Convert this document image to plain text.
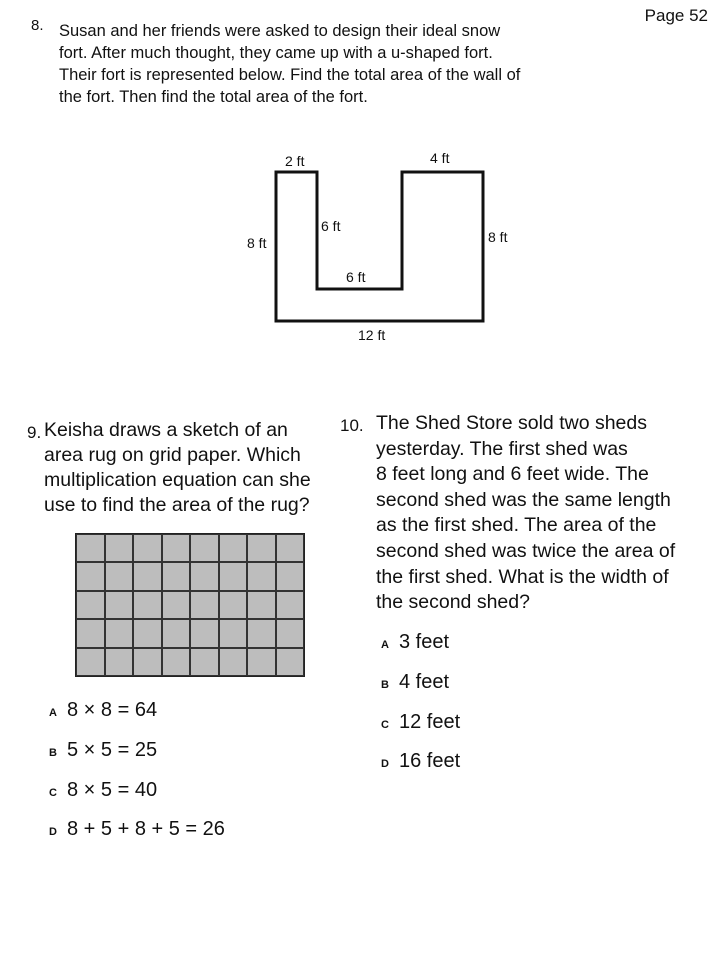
Page 52
8. Susan and her friends were asked to design their ideal snow
fort. After much thought, they came up with a u-shaped fort.
Their fort is represented below. Find the total area of the wall of
the fort. Then find the total area of the fort.
2 ft	4 ft
8 ft
6 ft
6 ft
8 ft
12 ft
9. Keisha draws a sketch of an
area rug on grid paper. Which
multiplication equation can she
use to find the area of the rug?
A 8 × 8 = 64
B 5 × 5 = 25
C 8 × 5 = 40
D 8 + 5 + 8 + 5 = 26
10. The Shed Store sold two sheds
yesterday. The first shed was
8 feet long and 6 feet wide. The
second shed was the same length
as the first shed. The area of the
second shed was twice the area of
the first shed. What is the width of
the second shed?
A 3 feet
B 4 feet
C 12 feet
D 16 feet
